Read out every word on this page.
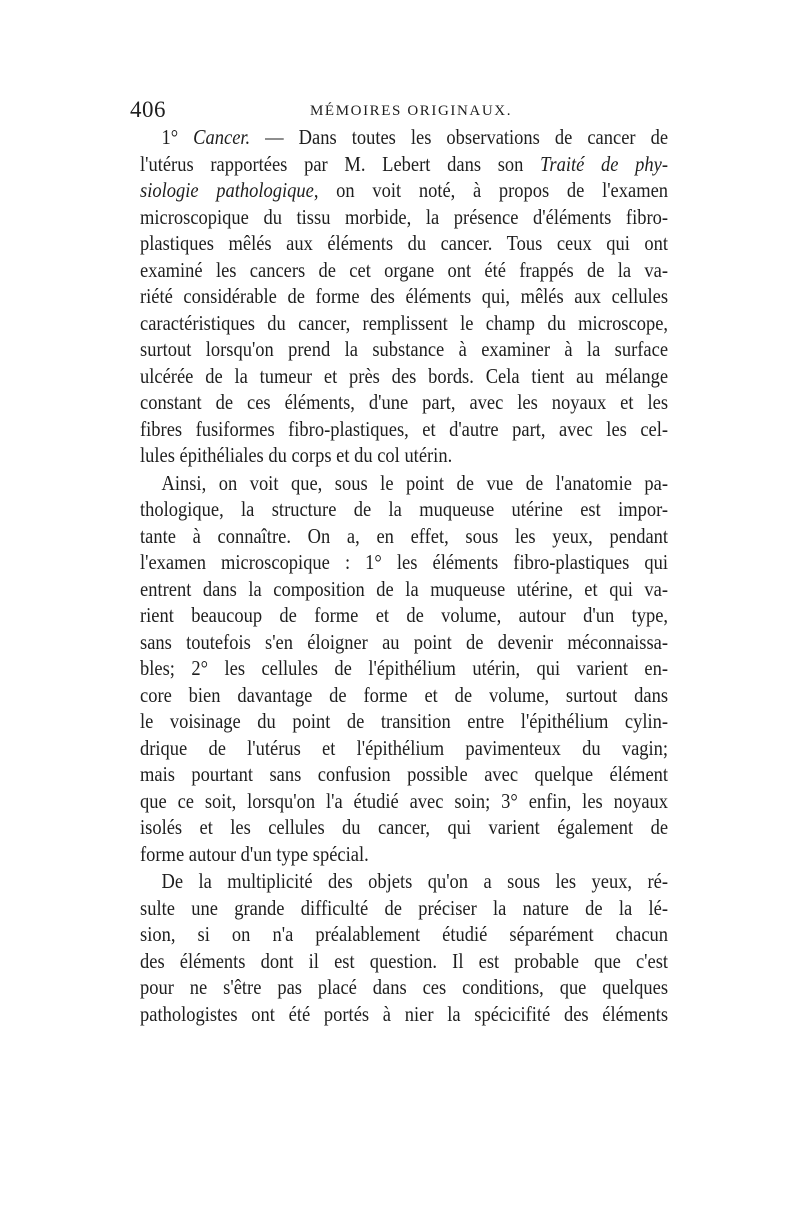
406	MÉMOIRES ORIGINAUX.
1° Cancer. — Dans toutes les observations de cancer de
l'utérus rapportées par M. Lebert dans son Traité de phy-
siologie pathologique, on voit noté, à propos de l'examen
microscopique du tissu morbide, la présence d'éléments fibro-
plastiques mêlés aux éléments du cancer. Tous ceux qui ont
examiné les cancers de cet organe ont été frappés de la va-
riété considérable de forme des éléments qui, mêlés aux cellules
caractéristiques du cancer, remplissent le champ du microscope,
surtout lorsqu'on prend la substance à examiner à la surface
ulcérée de la tumeur et près des bords. Cela tient au mélange
constant de ces éléments, d'une part, avec les noyaux et les
fibres fusiformes fibro-plastiques, et d'autre part, avec les cel-
lules épithéliales du corps et du col utérin.
Ainsi, on voit que, sous le point de vue de l'anatomie pa-
thologique, la structure de la muqueuse utérine est impor-
tante à connaître. On a, en effet, sous les yeux, pendant
l'examen microscopique : 1° les éléments fibro-plastiques qui
entrent dans la composition de la muqueuse utérine, et qui va-
rient beaucoup de forme et de volume, autour d'un type,
sans toutefois s'en éloigner au point de devenir méconnaissa-
bles; 2° les cellules de l'épithélium utérin, qui varient en-
core bien davantage de forme et de volume, surtout dans
le voisinage du point de transition entre l'épithélium cylin-
drique de l'utérus et l'épithélium pavimenteux du vagin;
mais pourtant sans confusion possible avec quelque élément
que ce soit, lorsqu'on l'a étudié avec soin; 3° enfin, les noyaux
isolés et les cellules du cancer, qui varient également de
forme autour d'un type spécial.
De la multiplicité des objets qu'on a sous les yeux, ré-
sulte une grande difficulté de préciser la nature de la lé-
sion, si on n'a préalablement étudié séparément chacun
des éléments dont il est question. Il est probable que c'est
pour ne s'être pas placé dans ces conditions, que quelques
pathologistes ont été portés à nier la spécicifité des éléments
